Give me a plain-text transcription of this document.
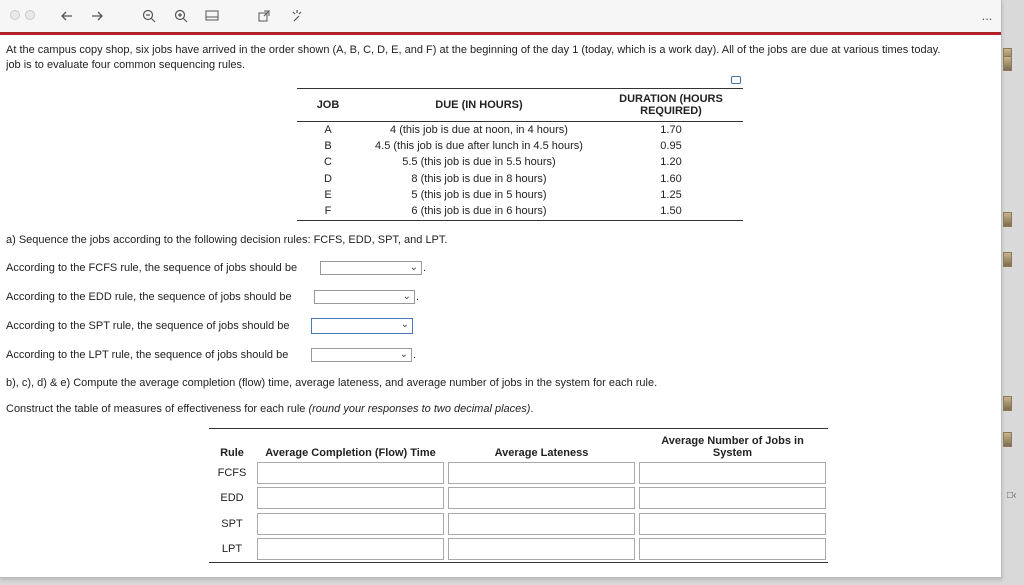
...
At the campus copy shop, six jobs have arrived in the order shown (A, B, C, D, E, and F) at the beginning of the day 1 (today, which is a work day). All of the jobs are due at various times today.
job is to evaluate four common sequencing rules.
JOB	DUE (IN HOURS)	DURATION (HOURS
REQUIRED)

A	4 (this job is due at noon, in 4 hours)	1.70
B	4.5 (this job is due after lunch in 4.5 hours)	0.95
C	5.5 (this job is due in 5.5 hours)	1.20
D	8 (this job is due in 8 hours)	1.60
E	5 (this job is due in 5 hours)	1.25
F	6 (this job is due in 6 hours)	1.50
a) Sequence the jobs according to the following decision rules: FCFS, EDD, SPT, and LPT.
According to the FCFS rule, the sequence of jobs should be	⌄ .
According to the EDD rule, the sequence of jobs should be	⌄ .
According to the SPT rule, the sequence of jobs should be	⌄
According to the LPT rule, the sequence of jobs should be	⌄ .
b), c), d) & e) Compute the average completion (flow) time, average lateness, and average number of jobs in the system for each rule.
Construct the table of measures of effectiveness for each rule (round your responses to two decimal places).
Rule	Average Completion (Flow) Time	Average Lateness	Average Number of Jobs in
System

FCFS	

EDD	

SPT	

LPT	

□‹
